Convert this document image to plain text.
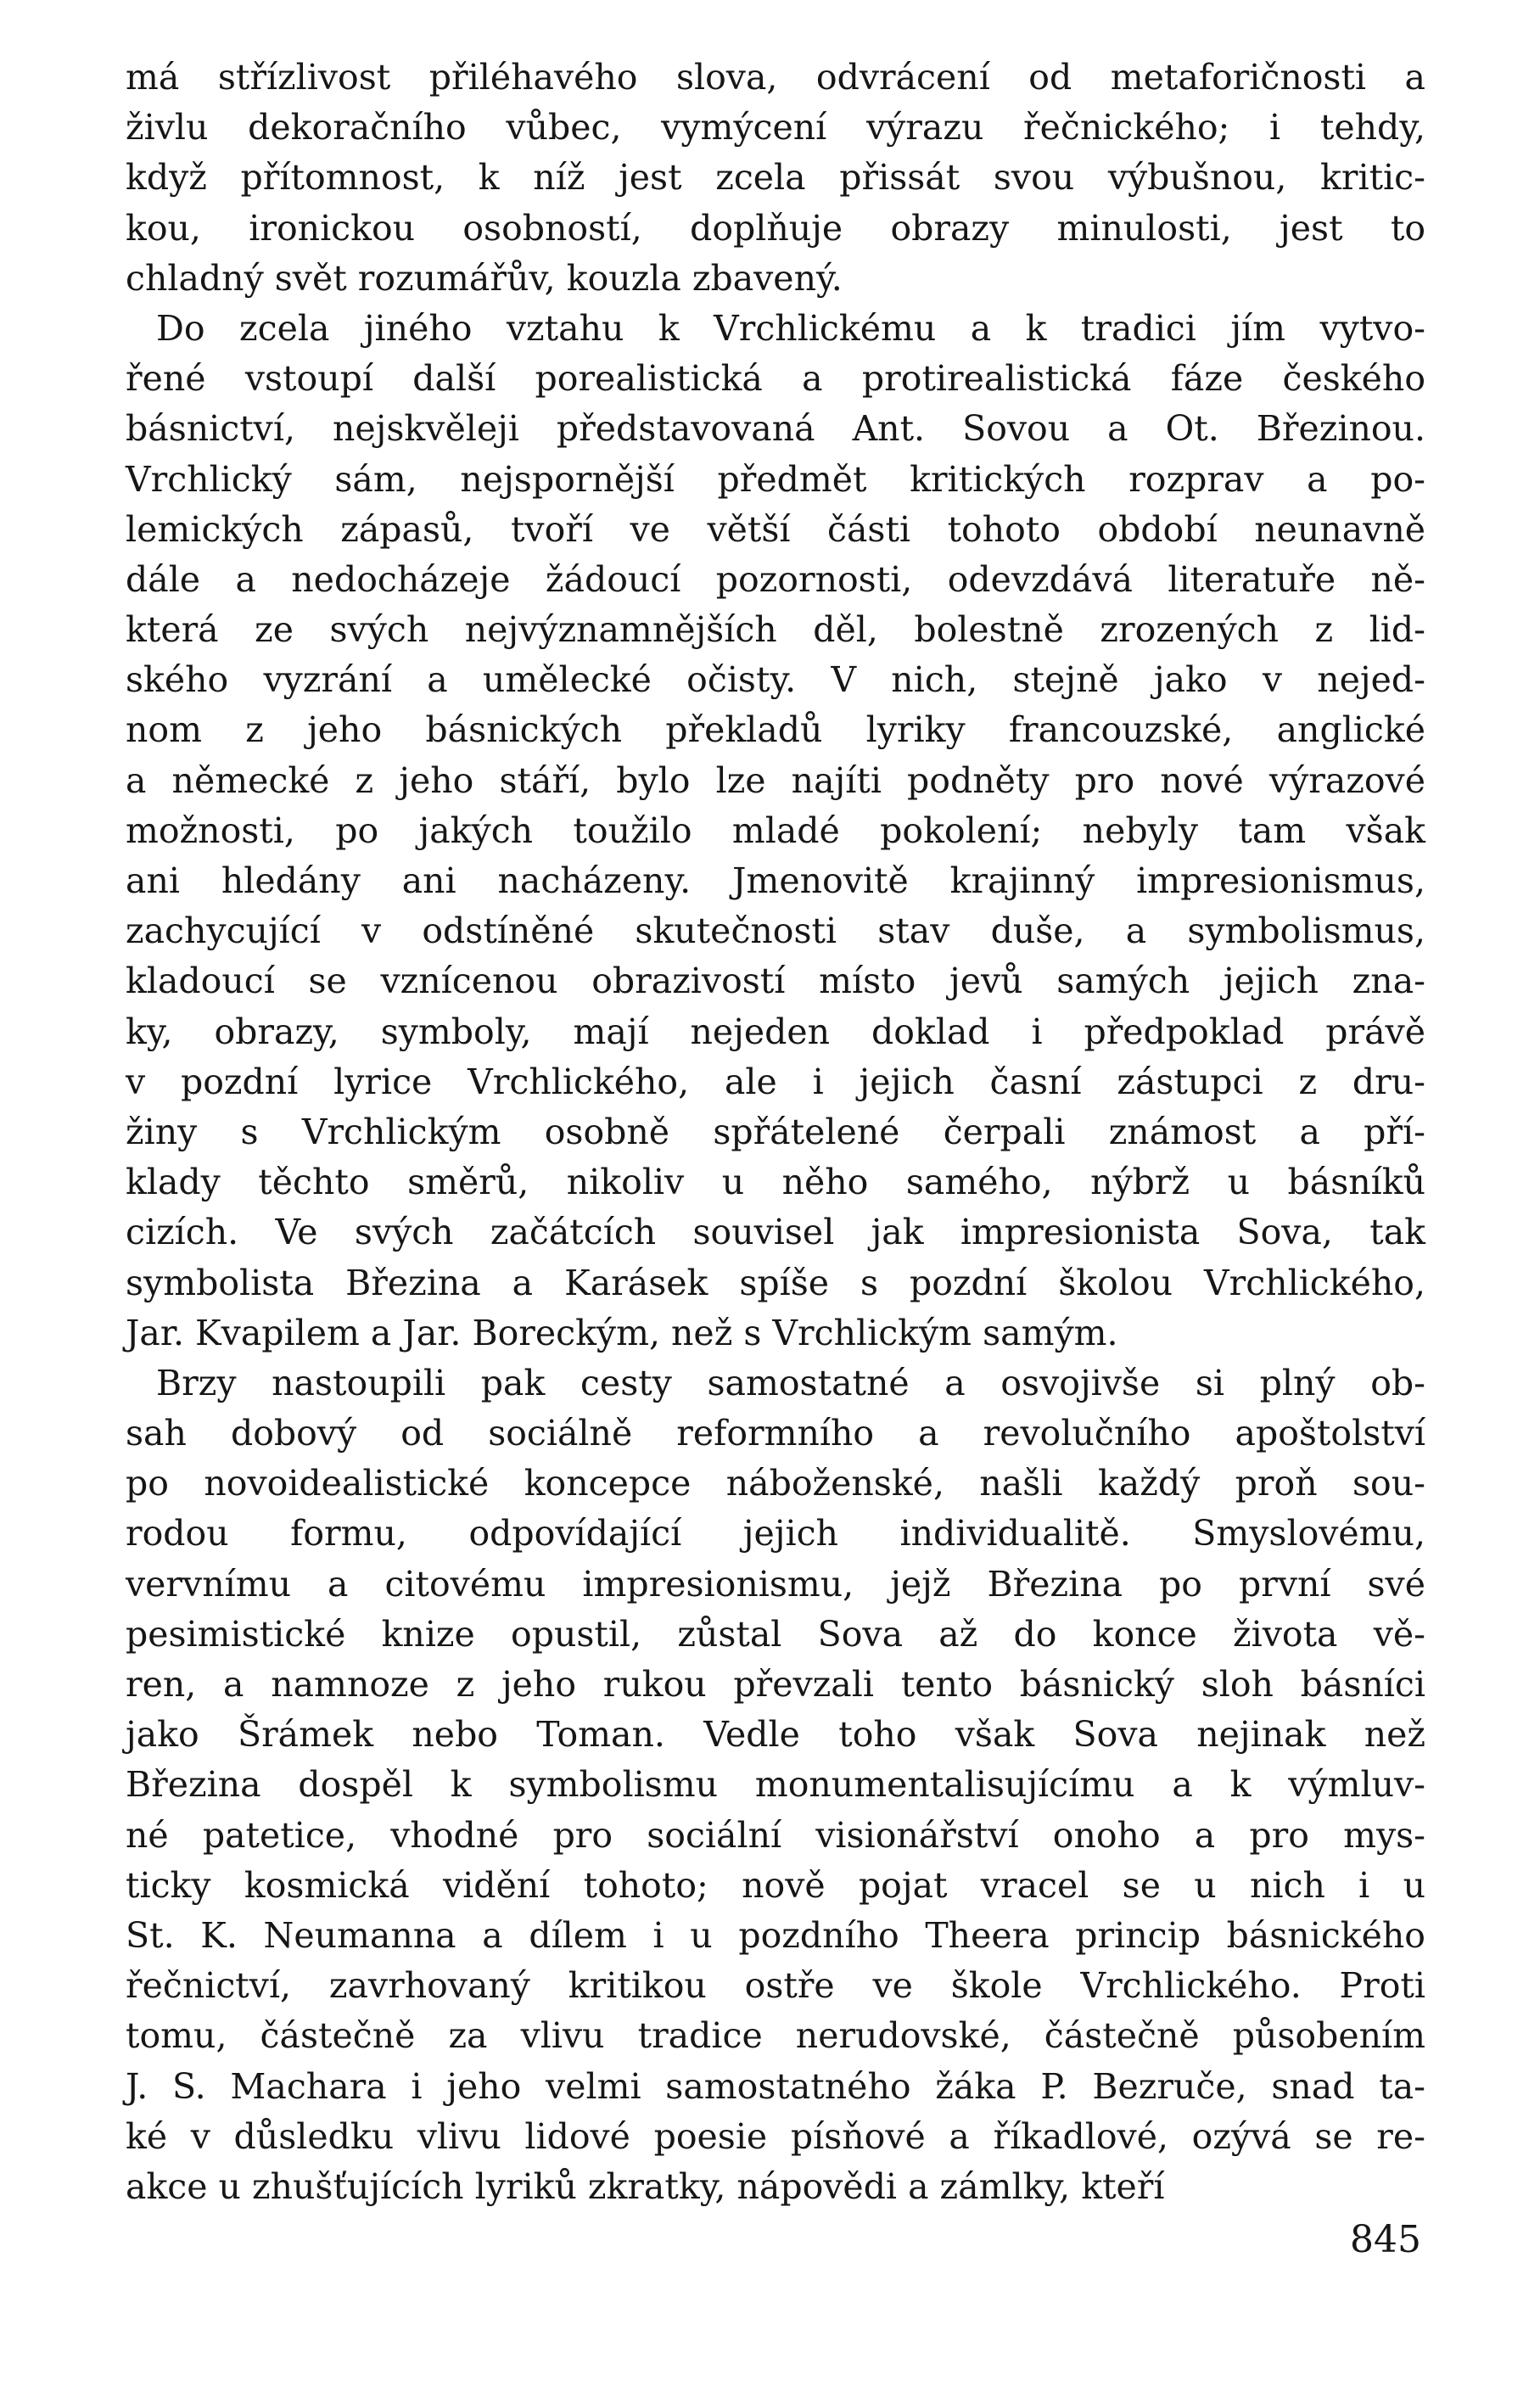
má střízlivost přiléhavého slova, odvrácení od metaforičnosti a
živlu dekoračního vůbec, vymýcení výrazu řečnického; i tehdy,
když přítomnost, k níž jest zcela přissát svou výbušnou, kritic-
kou, ironickou osobností, doplňuje obrazy minulosti, jest to
chladný svět rozumářův, kouzla zbavený.
Do zcela jiného vztahu k Vrchlickému a k tradici jím vytvo-
řené vstoupí další porealistická a protirealistická fáze českého
básnictví, nejskvěleji představovaná Ant. Sovou a Ot. Březinou.
Vrchlický sám, nejspornější předmět kritických rozprav a po-
lemických zápasů, tvoří ve větší části tohoto období neunavně
dále a nedocházeje žádoucí pozornosti, odevzdává literatuře ně-
která ze svých nejvýznamnějších děl, bolestně zrozených z lid-
ského vyzrání a umělecké očisty. V nich, stejně jako v nejed-
nom z jeho básnických překladů lyriky francouzské, anglické
a německé z jeho stáří, bylo lze najíti podněty pro nové výrazové
možnosti, po jakých toužilo mladé pokolení; nebyly tam však
ani hledány ani nacházeny. Jmenovitě krajinný impresionismus,
zachycující v odstíněné skutečnosti stav duše, a symbolismus,
kladoucí se vznícenou obrazivostí místo jevů samých jejich zna-
ky, obrazy, symboly, mají nejeden doklad i předpoklad právě
v pozdní lyrice Vrchlického, ale i jejich časní zástupci z dru-
žiny s Vrchlickým osobně spřátelené čerpali známost a pří-
klady těchto směrů, nikoliv u něho samého, nýbrž u básníků
cizích. Ve svých začátcích souvisel jak impresionista Sova, tak
symbolista Březina a Karásek spíše s pozdní školou Vrchlického,
Jar. Kvapilem a Jar. Boreckým, než s Vrchlickým samým.
Brzy nastoupili pak cesty samostatné a osvojivše si plný ob-
sah dobový od sociálně reformního a revolučního apoštolství
po novoidealistické koncepce náboženské, našli každý proň sou-
rodou formu, odpovídající jejich individualitě. Smyslovému,
vervnímu a citovému impresionismu, jejž Březina po první své
pesimistické knize opustil, zůstal Sova až do konce života vě-
ren, a namnoze z jeho rukou převzali tento básnický sloh básníci
jako Šrámek nebo Toman. Vedle toho však Sova nejinak než
Březina dospěl k symbolismu monumentalisujícímu a k výmluv-
né patetice, vhodné pro sociální visionářství onoho a pro mys-
ticky kosmická vidění tohoto; nově pojat vracel se u nich i u
St. K. Neumanna a dílem i u pozdního Theera princip básnického
řečnictví, zavrhovaný kritikou ostře ve škole Vrchlického. Proti
tomu, částečně za vlivu tradice nerudovské, částečně působením
J. S. Machara i jeho velmi samostatného žáka P. Bezruče, snad ta-
ké v důsledku vlivu lidové poesie písňové a říkadlové, ozývá se re-
akce u zhušťujících lyriků zkratky, nápovědi a zámlky, kteří
845
